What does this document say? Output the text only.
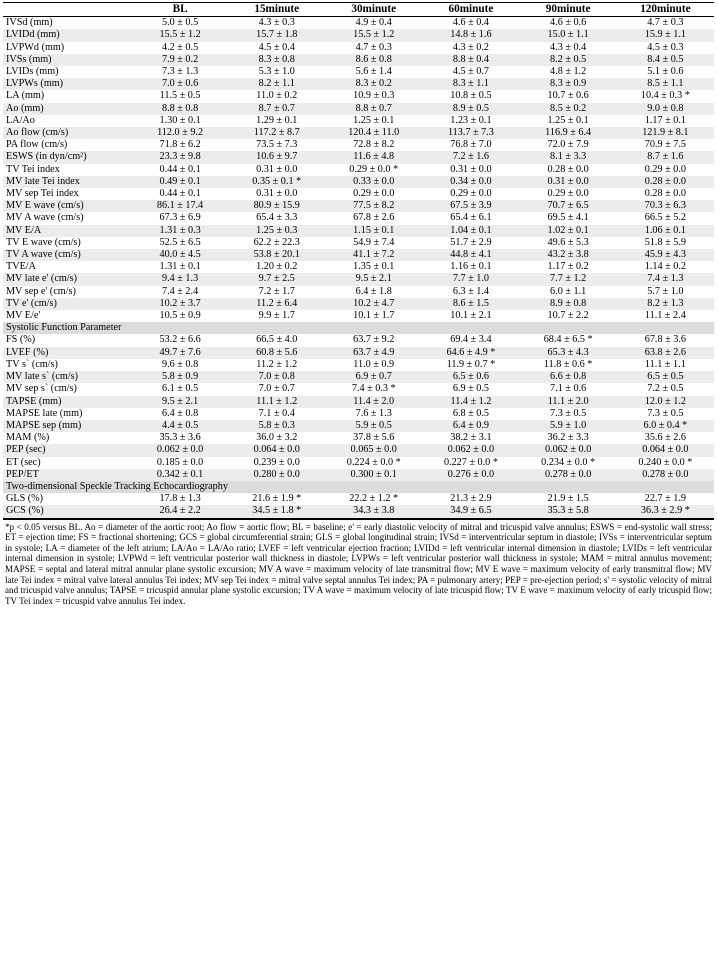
	BL	15minute	30minute	60minute	90minute	120minute
IVSd (mm)	5.0 ± 0.5	4.3 ± 0.3	4.9 ± 0.4	4.6 ± 0.4	4.6 ± 0.6	4.7 ± 0.3
LVIDd (mm)	15.5 ± 1.2	15.7 ± 1.8	15.5 ± 1.2	14.8 ± 1.6	15.0 ± 1.1	15.9 ± 1.1
LVPWd (mm)	4.2 ± 0.5	4.5 ± 0.4	4.7 ± 0.3	4.3 ± 0.2	4.3 ± 0.4	4.5 ± 0.3
IVSs (mm)	7.9 ± 0.2	8.3 ± 0.8	8.6 ± 0.8	8.8 ± 0.4	8.2 ± 0.5	8.4 ± 0.5
LVIDs (mm)	7.3 ± 1.3	5.3 ± 1.0	5.6 ± 1.4	4.5 ± 0.7	4.8 ± 1.2	5.1 ± 0.6
LVPWs (mm)	7.0 ± 0.6	8.2 ± 1.1	8.3 ± 0.2	8.3 ± 1.1	8.3 ± 0.9	8.5 ± 1.1
LA (mm)	11.5 ± 0.5	11.0 ± 0.2	10.9 ± 0.3	10.8 ± 0.5	10.7 ± 0.6	10.4 ± 0.3 *
Ao (mm)	8.8 ± 0.8	8.7 ± 0.7	8.8 ± 0.7	8.9 ± 0.5	8.5 ± 0.2	9.0 ± 0.8
LA/Ao	1.30 ± 0.1	1.29 ± 0.1	1.25 ± 0.1	1.23 ± 0.1	1.25 ± 0.1	1.17 ± 0.1
Ao flow (cm/s)	112.0 ± 9.2	117.2 ± 8.7	120.4 ± 11.0	113.7 ± 7.3	116.9 ± 6.4	121.9 ± 8.1
PA flow (cm/s)	71.8 ± 6.2	73.5 ± 7.3	72.8 ± 8.2	76.8 ± 7.0	72.0 ± 7.9	70.9 ± 7.5
ESWS (in dyn/cm²)	23.3 ± 9.8	10.6 ± 9.7	11.6 ± 4.8	7.2 ± 1.6	8.1 ± 3.3	8.7 ± 1.6
TV Tei index	0.44 ± 0.1	0.31 ± 0.0	0.29 ± 0.0 *	0.31 ± 0.0	0.28 ± 0.0	0.29 ± 0.0
MV late Tei index	0.49 ± 0.1	0.35 ± 0.1 *	0.33 ± 0.0	0.34 ± 0.0	0.31 ± 0.0	0.28 ± 0.0
MV sep Tei index	0.44 ± 0.1	0.31 ± 0.0	0.29 ± 0.0	0.29 ± 0.0	0.29 ± 0.0	0.28 ± 0.0
MV E wave (cm/s)	86.1 ± 17.4	80.9 ± 15.9	77.5 ± 8.2	67.5 ± 3.9	70.7 ± 6.5	70.3 ± 6.3
MV A wave (cm/s)	67.3 ± 6.9	65.4 ± 3.3	67.8 ± 2.6	65.4 ± 6.1	69.5 ± 4.1	66.5 ± 5.2
MV E/A	1.31 ± 0.3	1.25 ± 0.3	1.15 ± 0.1	1.04 ± 0.1	1.02 ± 0.1	1.06 ± 0.1
TV E wave (cm/s)	52.5 ± 6.5	62.2 ± 22.3	54.9 ± 7.4	51.7 ± 2.9	49.6 ± 5.3	51.8 ± 5.9
TV A wave (cm/s)	40.0 ± 4.5	53.8 ± 20.1	41.1 ± 7.2	44.8 ± 4.1	43.2 ± 3.8	45.9 ± 4.3
TVE/A	1.31 ± 0.1	1.20 ± 0.2	1.35 ± 0.1	1.16 ± 0.1	1.17 ± 0.2	1.14 ± 0.2
MV late e' (cm/s)	9.4 ± 1.3	9.7 ± 2.5	9.5 ± 2.1	7.7 ± 1.0	7.7 ± 1.2	7.4 ± 1.3
MV sep e' (cm/s)	7.4 ± 2.4	7.2 ± 1.7	6.4 ± 1.8	6.3 ± 1.4	6.0 ± 1.1	5.7 ± 1.0
TV e' (cm/s)	10.2 ± 3.7	11.2 ± 6.4	10.2 ± 4.7	8.6 ± 1.5	8.9 ± 0.8	8.2 ± 1.3
MV E/e'	10.5 ± 0.9	9.9 ± 1.7	10.1 ± 1.7	10.1 ± 2.1	10.7 ± 2.2	11.1 ± 2.4
Systolic Function Parameter						
FS (%)	53.2 ± 6.6	66.5 ± 4.0	63.7 ± 9.2	69.4 ± 3.4	68.4 ± 6.5 *	67.8 ± 3.6
LVEF (%)	49.7 ± 7.6	60.8 ± 5.6	63.7 ± 4.9	64.6 ± 4.9 *	65.3 ± 4.3	63.8 ± 2.6
TV s` (cm/s)	9.6 ± 0.8	11.2 ± 1.2	11.0 ± 0.9	11.9 ± 0.7 *	11.8 ± 0.6 *	11.1 ± 1.1
MV late s` (cm/s)	5.8 ± 0.9	7.0 ± 0.8	6.9 ± 0.7	6.5 ± 0.6	6.6 ± 0.8	6.5 ± 0.5
MV sep s` (cm/s)	6.1 ± 0.5	7.0 ± 0.7	7.4 ± 0.3 *	6.9 ± 0.5	7.1 ± 0.6	7.2 ± 0.5
TAPSE (mm)	9.5 ± 2.1	11.1 ± 1.2	11.4 ± 2.0	11.4 ± 1.2	11.1 ± 2.0	12.0 ± 1.2
MAPSE late (mm)	6.4 ± 0.8	7.1 ± 0.4	7.6 ± 1.3	6.8 ± 0.5	7.3 ± 0.5	7.3 ± 0.5
MAPSE sep (mm)	4.4 ± 0.5	5.8 ± 0.3	5.9 ± 0.5	6.4 ± 0.9	5.9 ± 1.0	6.0 ± 0.4 *
MAM (%)	35.3 ± 3.6	36.0 ± 3.2	37.8 ± 5.6	38.2 ± 3.1	36.2 ± 3.3	35.6 ± 2.6
PEP (sec)	0.062 ± 0.0	0.064 ± 0.0	0.065 ± 0.0	0.062 ± 0.0	0.062 ± 0.0	0.064 ± 0.0
ET (sec)	0.185 ± 0.0	0.239 ± 0.0	0.224 ± 0.0 *	0.227 ± 0.0 *	0.234 ± 0.0 *	0.240 ± 0.0 *
PEP/ET	0.342 ± 0.1	0.280 ± 0.0	0.300 ± 0.1	0.276 ± 0.0	0.278 ± 0.0	0.278 ± 0.0
Two-dimensional Speckle Tracking Echocardiography						
GLS (%)	17.8 ± 1.3	21.6 ± 1.9 *	22.2 ± 1.2 *	21.3 ± 2.9	21.9 ± 1.5	22.7 ± 1.9
GCS (%)	26.4 ± 2.2	34.5 ± 1.8 *	34.3 ± 3.8	34.9 ± 6.5	35.3 ± 5.8	36.3 ± 2.9 *
*p < 0.05 versus BL. Ao = diameter of the aortic root; Ao flow = aortic flow; BL = baseline; e' = early diastolic velocity of mitral and tricuspid valve annulus; ESWS = end-systolic wall stress; ET = ejection time; FS = fractional shortening; GCS = global circumferential strain; GLS = global longitudinal strain; IVSd = interventricular septum in diastole; IVSs = interventricular septum in systole; LA = diameter of the left atrium; LA/Ao = LA/Ao ratio; LVEF = left ventricular ejection fraction; LVIDd = left ventricular internal dimension in diastole; LVIDs = left ventricular internal dimension in systole; LVPWd = left ventricular posterior wall thickness in diastole; LVPWs = left ventricular posterior wall thickness in systole; MAM = mitral annulus movement; MAPSE = septal and lateral mitral annular plane systolic excursion; MV A wave = maximum velocity of late transmitral flow; MV E wave = maximum velocity of early transmitral flow; MV late Tei index = mitral valve lateral annulus Tei index; MV sep Tei index = mitral valve septal annulus Tei index; PA = pulmonary artery; PEP = pre-ejection period; s' = systolic velocity of mitral and tricuspid valve annulus; TAPSE = tricuspid annular plane systolic excursion; TV A wave = maximum velocity of late tricuspid flow; TV E wave = maximum velocity of early tricuspid flow; TV Tei index = tricuspid valve annulus Tei index.
